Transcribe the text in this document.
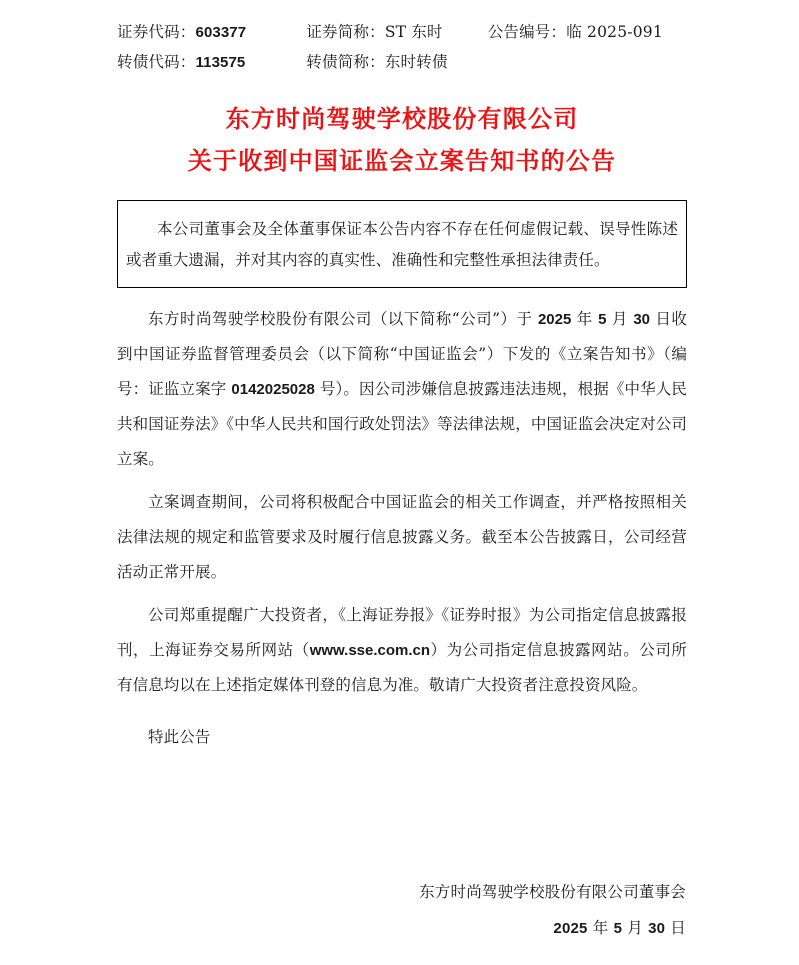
证券代码： 603377	证券简称： ST 东时	公告编号： 临 2025-091
转债代码： 113575	转债简称： 东时转债
东方时尚驾驶学校股份有限公司
关于收到中国证监会立案告知书的公告
本公司董事会及全体董事保证本公告内容不存在任何虚假记载、误导性陈述或者重大遗漏，并对其内容的真实性、准确性和完整性承担法律责任。

东方时尚驾驶学校股份有限公司（以下简称“公司”）于 2025 年 5 月 30 日收到中国证券监督管理委员会（以下简称“中国证监会”）下发的《立案告知书》（编号：证监立案字 0142025028 号）。因公司涉嫌信息披露违法违规，根据《中华人民共和国证券法》《中华人民共和国行政处罚法》等法律法规，中国证监会决定对公司立案。

立案调查期间，公司将积极配合中国证监会的相关工作调查，并严格按照相关法律法规的规定和监管要求及时履行信息披露义务。截至本公告披露日，公司经营活动正常开展。

公司郑重提醒广大投资者，《上海证券报》《证券时报》为公司指定信息披露报刊，上海证券交易所网站（www.sse.com.cn）为公司指定信息披露网站。公司所有信息均以在上述指定媒体刊登的信息为准。敬请广大投资者注意投资风险。

特此公告

东方时尚驾驶学校股份有限公司董事会
2025 年 5 月 30 日
